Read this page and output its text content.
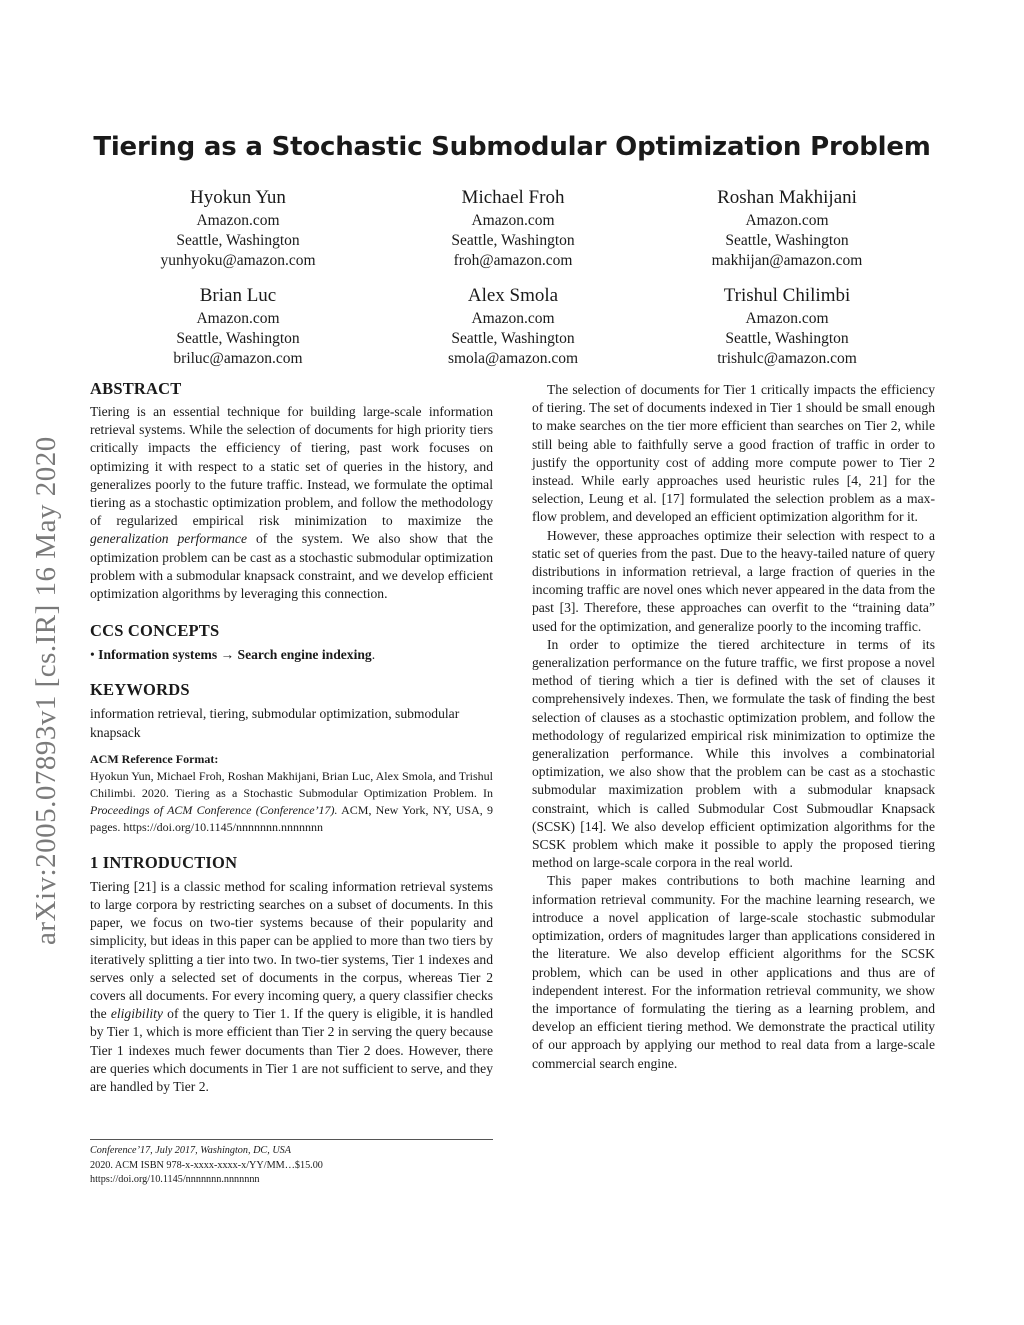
arXiv:2005.07893v1 [cs.IR] 16 May 2020
Tiering as a Stochastic Submodular Optimization Problem
Hyokun Yun
Amazon.com
Seattle, Washington
yunhyoku@amazon.com
Michael Froh
Amazon.com
Seattle, Washington
froh@amazon.com
Roshan Makhijani
Amazon.com
Seattle, Washington
makhijan@amazon.com
Brian Luc
Amazon.com
Seattle, Washington
briluc@amazon.com
Alex Smola
Amazon.com
Seattle, Washington
smola@amazon.com
Trishul Chilimbi
Amazon.com
Seattle, Washington
trishulc@amazon.com
ABSTRACT

Tiering is an essential technique for building large-scale information retrieval systems. While the selection of documents for high priority tiers critically impacts the efficiency of tiering, past work focuses on optimizing it with respect to a static set of queries in the history, and generalizes poorly to the future traffic. Instead, we formulate the optimal tiering as a stochastic optimization problem, and follow the methodology of regularized empirical risk minimization to maximize the generalization performance of the system. We also show that the optimization problem can be cast as a stochastic submodular optimization problem with a submodular knapsack constraint, and we develop efficient optimization algorithms by leveraging this connection.

CCS CONCEPTS

• Information systems → Search engine indexing.

KEYWORDS

information retrieval, tiering, submodular optimization, submodular knapsack

ACM Reference Format:

Hyokun Yun, Michael Froh, Roshan Makhijani, Brian Luc, Alex Smola, and Trishul Chilimbi. 2020. Tiering as a Stochastic Submodular Optimization Problem. In Proceedings of ACM Conference (Conference’17). ACM, New York, NY, USA, 9 pages. https://doi.org/10.1145/nnnnnnn.nnnnnnn

1 INTRODUCTION

Tiering [21] is a classic method for scaling information retrieval systems to large corpora by restricting searches on a subset of documents. In this paper, we focus on two-tier systems because of their popularity and simplicity, but ideas in this paper can be applied to more than two tiers by iteratively splitting a tier into two. In two-tier systems, Tier 1 indexes and serves only a selected set of documents in the corpus, whereas Tier 2 covers all documents. For every incoming query, a query classifier checks the eligibility of the query to Tier 1. If the query is eligible, it is handled by Tier 1, which is more efficient than Tier 2 in serving the query because Tier 1 indexes much fewer documents than Tier 2 does. However, there are queries which documents in Tier 1 are not sufficient to serve, and they are handled by Tier 2.

The selection of documents for Tier 1 critically impacts the efficiency of tiering. The set of documents indexed in Tier 1 should be small enough to make searches on the tier more efficient than searches on Tier 2, while still being able to faithfully serve a good fraction of traffic in order to justify the opportunity cost of adding more compute power to Tier 2 instead. While early approaches used heuristic rules [4, 21] for the selection, Leung et al. [17] formulated the selection problem as a max-flow problem, and developed an efficient optimization algorithm for it.

However, these approaches optimize their selection with respect to a static set of queries from the past. Due to the heavy-tailed nature of query distributions in information retrieval, a large fraction of queries in the incoming traffic are novel ones which never appeared in the data from the past [3]. Therefore, these approaches can overfit to the “training data” used for the optimization, and generalize poorly to the incoming traffic.

In order to optimize the tiered architecture in terms of its generalization performance on the future traffic, we first propose a novel method of tiering which a tier is defined with the set of clauses it comprehensively indexes. Then, we formulate the task of finding the best selection of clauses as a stochastic optimization problem, and follow the methodology of regularized empirical risk minimization to optimize the generalization performance. While this involves a combinatorial optimization, we also show that the problem can be cast as a stochastic submodular maximization problem with a submodular knapsack constraint, which is called Submodular Cost Submoudlar Knapsack (SCSK) [14]. We also develop efficient optimization algorithms for the SCSK problem which make it possible to apply the proposed tiering method on large-scale corpora in the real world.

This paper makes contributions to both machine learning and information retrieval community. For the machine learning research, we introduce a novel application of large-scale stochastic submodular optimization, orders of magnitudes larger than applications considered in the literature. We also develop efficient algorithms for the SCSK problem, which can be used in other applications and thus are of independent interest. For the information retrieval community, we show the importance of formulating the tiering as a learning problem, and develop an efficient tiering method. We demonstrate the practical utility of our approach by applying our method to real data from a large-scale commercial search engine.

Conference’17, July 2017, Washington, DC, USA
2020. ACM ISBN 978-x-xxxx-xxxx-x/YY/MM…$15.00
https://doi.org/10.1145/nnnnnnn.nnnnnnn
